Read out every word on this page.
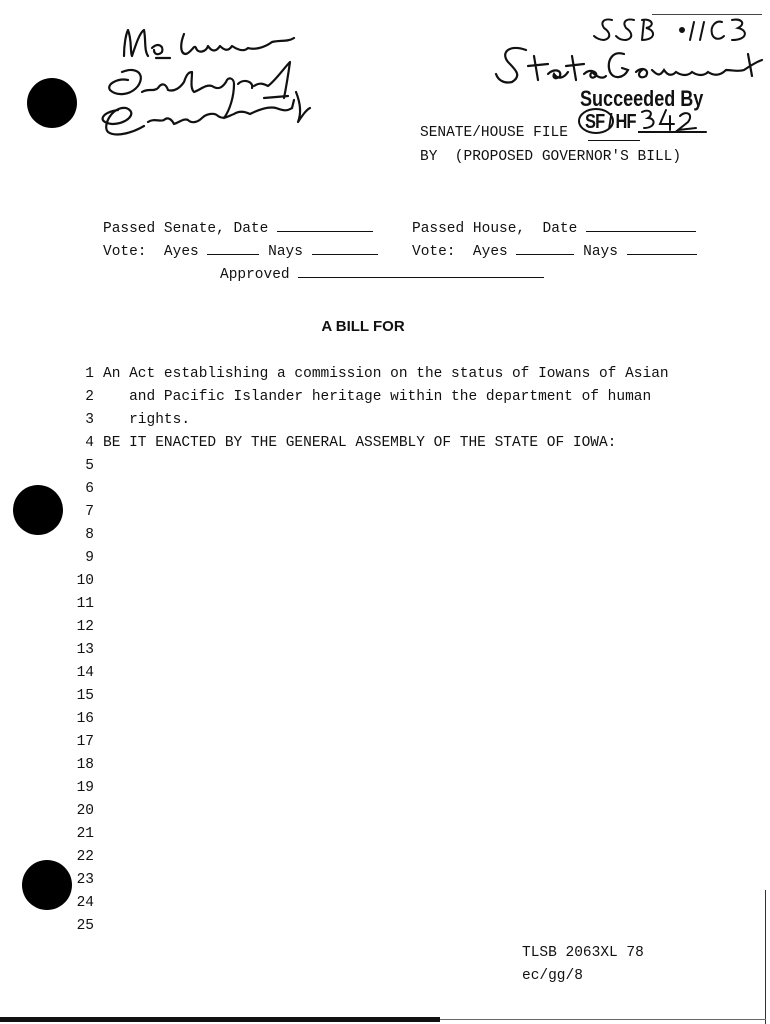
Succeeded By
SF / HF
SENATE/HOUSE FILE
BY  (PROPOSED GOVERNOR'S BILL)
Passed Senate, Date	Passed House,  Date
Vote:  Ayes	Nays	Vote:  Ayes	Nays
Approved
A BILL FOR
1 An Act establishing a commission on the status of Iowans of Asian
2 and Pacific Islander heritage within the department of human
3 rights.
4 BE IT ENACTED BY THE GENERAL ASSEMBLY OF THE STATE OF IOWA:
5
6
7
8
9
10
11
12
13
14
15
16
17
18
19
20
21
22
23
24
25
TLSB 2063XL 78
ec/gg/8
